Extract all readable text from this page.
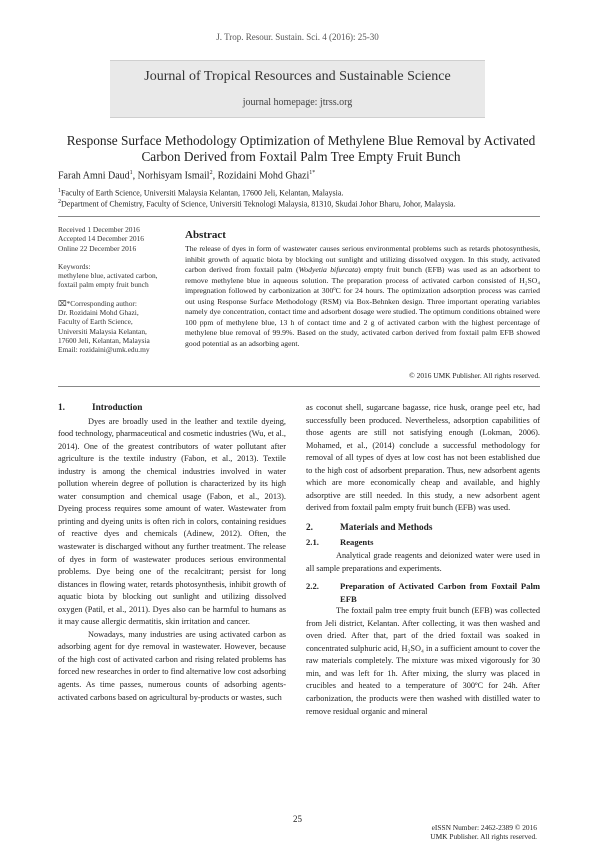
J. Trop. Resour. Sustain. Sci. 4 (2016): 25-30
Journal of Tropical Resources and Sustainable Science
journal homepage: jtrss.org
Response Surface Methodology Optimization of Methylene Blue Removal by Activated Carbon Derived from Foxtail Palm Tree Empty Fruit Bunch
Farah Amni Daud$^1$, Norhisyam Ismail$^2$, Rozidaini Mohd Ghazi$^{1*}$
$^1$Faculty of Earth Science, Universiti Malaysia Kelantan, 17600 Jeli, Kelantan, Malaysia.
$^2$Department of Chemistry, Faculty of Science, Universiti Teknologi Malaysia, 81310, Skudai Johor Bharu, Johor, Malaysia.
Received 1 December 2016
Accepted 14 December 2016
Online 22 December 2016
Keywords:
methylene blue, activated carbon, foxtail palm empty fruit bunch
⌧*Corresponding author:
Dr. Rozidaini Mohd Ghazi,
Faculty of Earth Science,
Universiti Malaysia Kelantan,
17600 Jeli, Kelantan, Malaysia
Email: rozidaini@umk.edu.my
Abstract
The release of dyes in form of wastewater causes serious environmental problems such as retards photosynthesis, inhibit growth of aquatic biota by blocking out sunlight and utilizing dissolved oxygen. In this study, activated carbon derived from foxtail palm (Wodyetia bifurcata) empty fruit bunch (EFB) was used as an adsorbent to remove methylene blue in aqueous solution. The preparation process of activated carbon consisted of H₂SO₄ impregnation followed by carbonization at 300ºC for 24 hours. The optimization adsorption process was carried out using Response Surface Methodology (RSM) via Box-Behnken design. Three important operating variables namely dye concentration, contact time and adsorbent dosage were studied. The optimum conditions obtained were 100 ppm of methylene blue, 13 h of contact time and 2 g of activated carbon with the highest percentage of methylene blue removal of 99.9%. Based on the study, activated carbon derived from foxtail palm EFB showed good potential as an adsorbing agent.
© 2016 UMK Publisher. All rights reserved.
1.	Introduction

Dyes are broadly used in the leather and textile dyeing, food technology, pharmaceutical and cosmetic industries (Wu, et al., 2014). One of the greatest contributors of water pollutant after agriculture is the textile industry (Fabon, et al., 2013). Textile industry is among the chemical industries involved in water pollution wherein degree of pollution is characterized by its high water consumption and chemical usage (Fabon, et al., 2013). Dyeing process requires some amount of water. Wastewater from printing and dyeing units is often rich in colors, containing residues of reactive dyes and chemicals (Adinew, 2012). Often, the wastewater is discharged without any further treatment. The release of dyes in form of wastewater produces serious environmental problems. Dye being one of the recalcitrant; persist for long distances in flowing water, retards photosynthesis, inhibit growth of aquatic biota by blocking out sunlight and utilizing dissolved oxygen (Patil, et al., 2011). Dyes also can be harmful to humans as it may cause allergic dermatitis, skin irritation and cancer.

Nowadays, many industries are using activated carbon as adsorbing agent for dye removal in wastewater. However, because of the high cost of activated carbon and rising related problems has forced new researches in order to find alternative low cost adsorbing agents. As time passes, numerous counts of adsorbing agents-activated carbons based on agricultural by-products or wastes, such

as coconut shell, sugarcane bagasse, rice husk, orange peel etc, had successfully been produced. Nevertheless, adsorption capabilities of those agents are still not satisfying enough (Lokman, 2006). Mohamed, et al., (2014) conclude a successful methodology for removal of all types of dyes at low cost has not been established due to the high cost of adsorbent preparation. Thus, new adsorbent agents which are more economically cheap and available, and highly adsorptive are still needed. In this study, a new adsorbent agent derived from foxtail palm empty fruit bunch (EFB) was used.

2.	Materials and Methods
2.1. Reagents

Analytical grade reagents and deionized water were used in all sample preparations and experiments.

2.2.	Preparation of Activated Carbon from Foxtail Palm EFB

The foxtail palm tree empty fruit bunch (EFB) was collected from Jeli district, Kelantan. After collecting, it was then washed and oven dried. After that, part of the dried foxtail was soaked in concentrated sulphuric acid, H₂SO₄ in a sufficient amount to cover the raw materials completely. The mixture was mixed vigorously for 30 min, and was left for 1h. After mixing, the slurry was placed in crucibles and heated to a temperature of 300ºC for 24h. After carbonization, the products were then washed with distilled water to remove residual organic and mineral

25
eISSN Number: 2462-2389 © 2016
UMK Publisher. All rights reserved.
